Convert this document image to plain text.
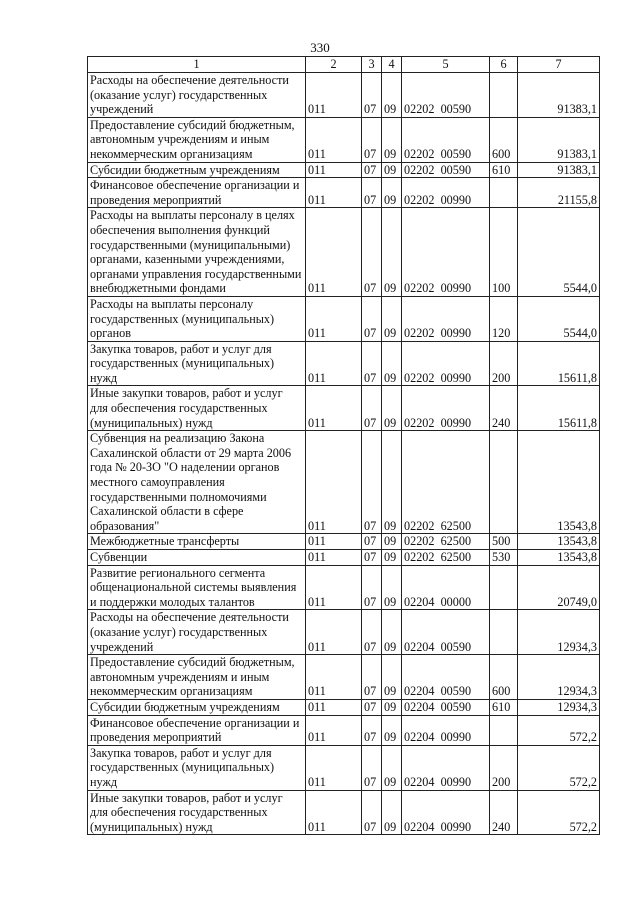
330
1	2	3	4	5	6	7
Расходы на обеспечение деятельности (оказание услуг) государственных учреждений	011	07	09	02202  00590		91383,1
Предоставление субсидий бюджетным, автономным учреждениям и иным некоммерческим организациям	011	07	09	02202  00590	600	91383,1
Субсидии бюджетным учреждениям	011	07	09	02202  00590	610	91383,1
Финансовое обеспечение организации и проведения мероприятий	011	07	09	02202  00990		21155,8
Расходы на выплаты персоналу в целях обеспечения выполнения функций государственными (муниципальными) органами, казенными учреждениями, органами управления государственными внебюджетными фондами	011	07	09	02202  00990	100	5544,0
Расходы на выплаты персоналу государственных (муниципальных) органов	011	07	09	02202  00990	120	5544,0
Закупка товаров, работ и услуг для государственных (муниципальных) нужд	011	07	09	02202  00990	200	15611,8
Иные закупки товаров, работ и услуг для обеспечения государственных (муниципальных) нужд	011	07	09	02202  00990	240	15611,8
Субвенция на реализацию Закона Сахалинской области от 29 марта 2006 года № 20-ЗО "О наделении органов местного самоуправления государственными полномочиями Сахалинской области в сфере образования"	011	07	09	02202  62500		13543,8
Межбюджетные трансферты	011	07	09	02202  62500	500	13543,8
Субвенции	011	07	09	02202  62500	530	13543,8
Развитие регионального сегмента общенациональной системы выявления и поддержки молодых талантов	011	07	09	02204  00000		20749,0
Расходы на обеспечение деятельности (оказание услуг) государственных учреждений	011	07	09	02204  00590		12934,3
Предоставление субсидий бюджетным, автономным учреждениям и иным некоммерческим организациям	011	07	09	02204  00590	600	12934,3
Субсидии бюджетным учреждениям	011	07	09	02204  00590	610	12934,3
Финансовое обеспечение организации и проведения мероприятий	011	07	09	02204  00990		572,2
Закупка товаров, работ и услуг для государственных (муниципальных) нужд	011	07	09	02204  00990	200	572,2
Иные закупки товаров, работ и услуг для обеспечения государственных (муниципальных) нужд	011	07	09	02204  00990	240	572,2
